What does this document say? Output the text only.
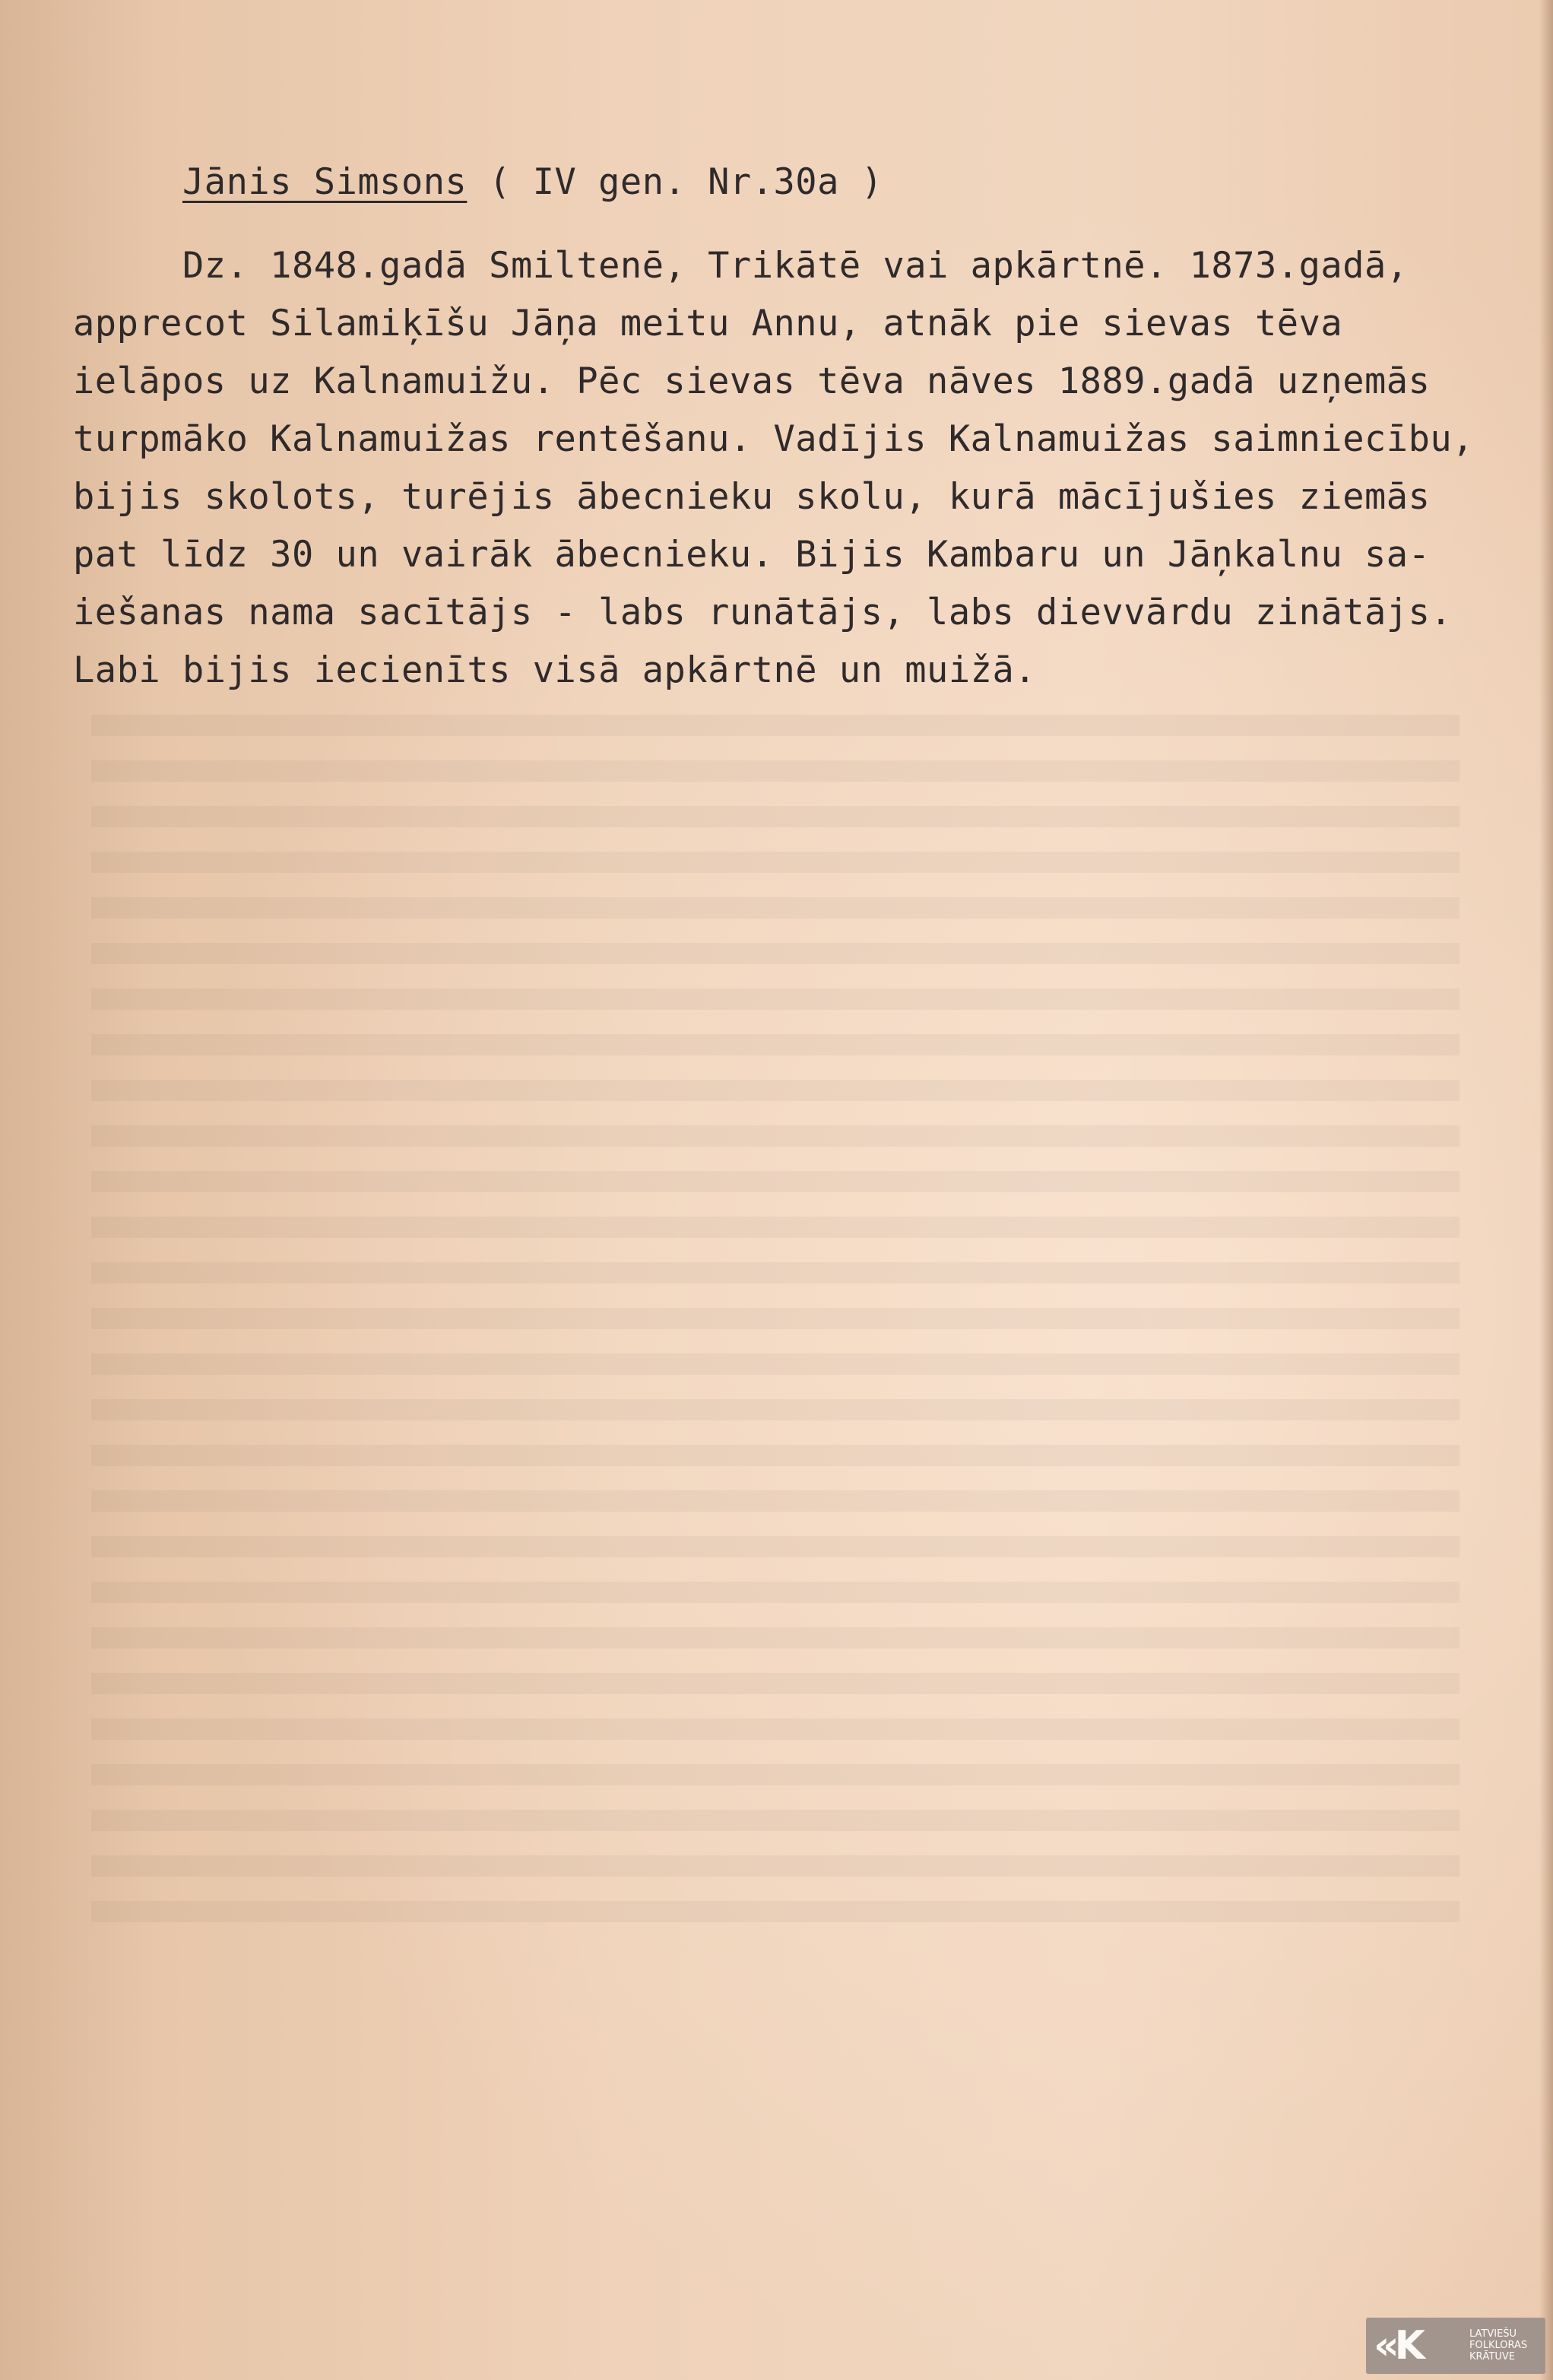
Jānis Simsons ( IV gen. Nr.30a )
Dz. 1848.gadā Smiltenē, Trikātē vai apkārtnē. 1873.gadā,
apprecot Silamiķīšu Jāņa meitu Annu, atnāk pie sievas tēva
ielāpos uz Kalnamuižu. Pēc sievas tēva nāves 1889.gadā uzņemās
turpmāko Kalnamuižas rentēšanu. Vadījis Kalnamuižas saimniecību,
bijis skolots, turējis ābecnieku skolu, kurā mācījušies ziemās
pat līdz 30 un vairāk ābecnieku. Bijis Kambaru un Jāņkalnu sa-
iešanas nama sacītājs - labs runātājs, labs dievvārdu zinātājs.
Labi bijis iecienīts visā apkārtnē un muižā.
«K	LATVIEŠU
FOLKLORAS
KRĀTUVE
